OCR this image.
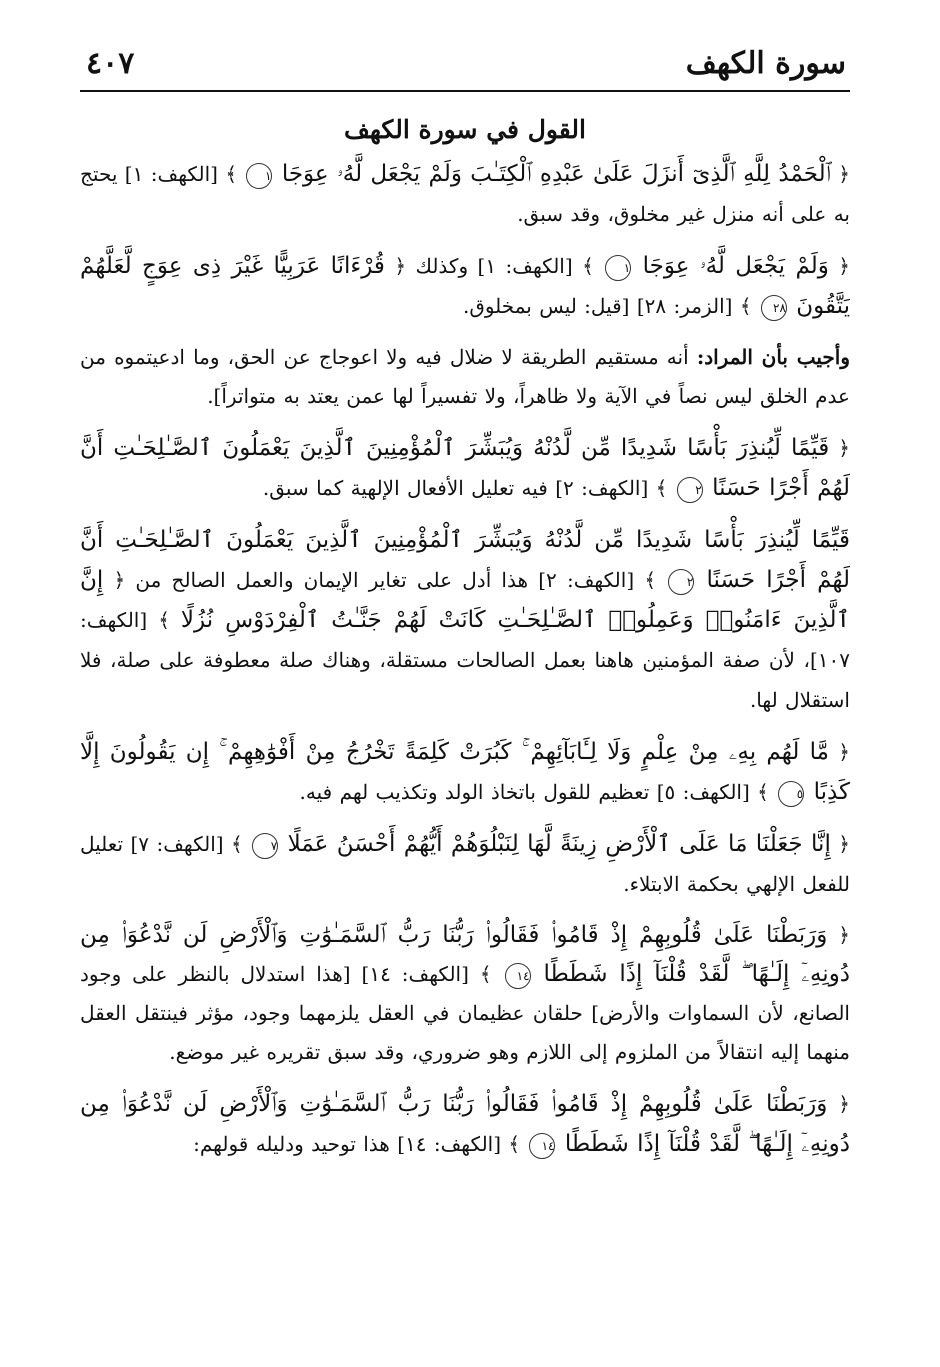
سورة الكهف
٤٠٧
القول في سورة الكهف

﴿ ٱلْحَمْدُ لِلَّهِ ٱلَّذِىٓ أَنزَلَ عَلَىٰ عَبْدِهِ ٱلْكِتَـٰبَ وَلَمْ يَجْعَل لَّهُۥ عِوَجَا ١ ﴾ [الكهف: ١] يحتج به على أنه منزل غير مخلوق، وقد سبق.

﴿ وَلَمْ يَجْعَل لَّهُۥ عِوَجَا ١ ﴾ [الكهف: ١] وكذلك ﴿ قُرْءَانًا عَرَبِيًّا غَيْرَ ذِى عِوَجٍ لَّعَلَّهُمْ يَتَّقُونَ ٢٨ ﴾ [الزمر: ٢٨] [قيل: ليس بمخلوق.

وأجيب بأن المراد: أنه مستقيم الطريقة لا ضلال فيه ولا اعوجاج عن الحق، وما ادعيتموه من عدم الخلق ليس نصاً في الآية ولا ظاهراً، ولا تفسيراً لها عمن يعتد به متواتراً].

﴿ قَيِّمًا لِّيُنذِرَ بَأْسًا شَدِيدًا مِّن لَّدُنْهُ وَيُبَشِّرَ ٱلْمُؤْمِنِينَ ٱلَّذِينَ يَعْمَلُونَ ٱلصَّـٰلِحَـٰتِ أَنَّ لَهُمْ أَجْرًا حَسَنًا ٢ ﴾ [الكهف: ٢] فيه تعليل الأفعال الإلهية كما سبق.

قَيِّمًا لِّيُنذِرَ بَأْسًا شَدِيدًا مِّن لَّدُنْهُ وَيُبَشِّرَ ٱلْمُؤْمِنِينَ ٱلَّذِينَ يَعْمَلُونَ ٱلصَّـٰلِحَـٰتِ أَنَّ لَهُمْ أَجْرًا حَسَنًا ٢ ﴾ [الكهف: ٢] هذا أدل على تغاير الإيمان والعمل الصالح من ﴿ إِنَّ ٱلَّذِينَ ءَامَنُوا۟ وَعَمِلُوا۟ ٱلصَّـٰلِحَـٰتِ كَانَتْ لَهُمْ جَنَّـٰتُ ٱلْفِرْدَوْسِ نُزُلًا ﴾ [الكهف: ١٠٧]، لأن صفة المؤمنين هاهنا بعمل الصالحات مستقلة، وهناك صلة معطوفة على صلة، فلا استقلال لها.

﴿ مَّا لَهُم بِهِۦ مِنْ عِلْمٍ وَلَا لِـَٔابَآئِهِمْ ۚ كَبُرَتْ كَلِمَةً تَخْرُجُ مِنْ أَفْوَٰهِهِمْ ۚ إِن يَقُولُونَ إِلَّا كَذِبًا ٥ ﴾ [الكهف: ٥] تعظيم للقول باتخاذ الولد وتكذيب لهم فيه.

﴿ إِنَّا جَعَلْنَا مَا عَلَى ٱلْأَرْضِ زِينَةً لَّهَا لِنَبْلُوَهُمْ أَيُّهُمْ أَحْسَنُ عَمَلًا ٧ ﴾ [الكهف: ٧] تعليل للفعل الإلهي بحكمة الابتلاء.

﴿ وَرَبَطْنَا عَلَىٰ قُلُوبِهِمْ إِذْ قَامُوا۟ فَقَالُوا۟ رَبُّنَا رَبُّ ٱلسَّمَـٰوَٰتِ وَٱلْأَرْضِ لَن نَّدْعُوَا۟ مِن دُونِهِۦٓ إِلَـٰهًا ۖ لَّقَدْ قُلْنَآ إِذًا شَطَطًا ١٤ ﴾ [الكهف: ١٤] [هذا استدلال بالنظر على وجود الصانع، لأن السماوات والأرض] حلقان عظيمان في العقل يلزمهما وجود، مؤثر فينتقل العقل منهما إليه انتقالاً من الملزوم إلى اللازم وهو ضروري، وقد سبق تقريره غير موضع.

﴿ وَرَبَطْنَا عَلَىٰ قُلُوبِهِمْ إِذْ قَامُوا۟ فَقَالُوا۟ رَبُّنَا رَبُّ ٱلسَّمَـٰوَٰتِ وَٱلْأَرْضِ لَن نَّدْعُوَا۟ مِن دُونِهِۦٓ إِلَـٰهًا ۖ لَّقَدْ قُلْنَآ إِذًا شَطَطًا ١٤ ﴾ [الكهف: ١٤] هذا توحيد ودليله قولهم:
